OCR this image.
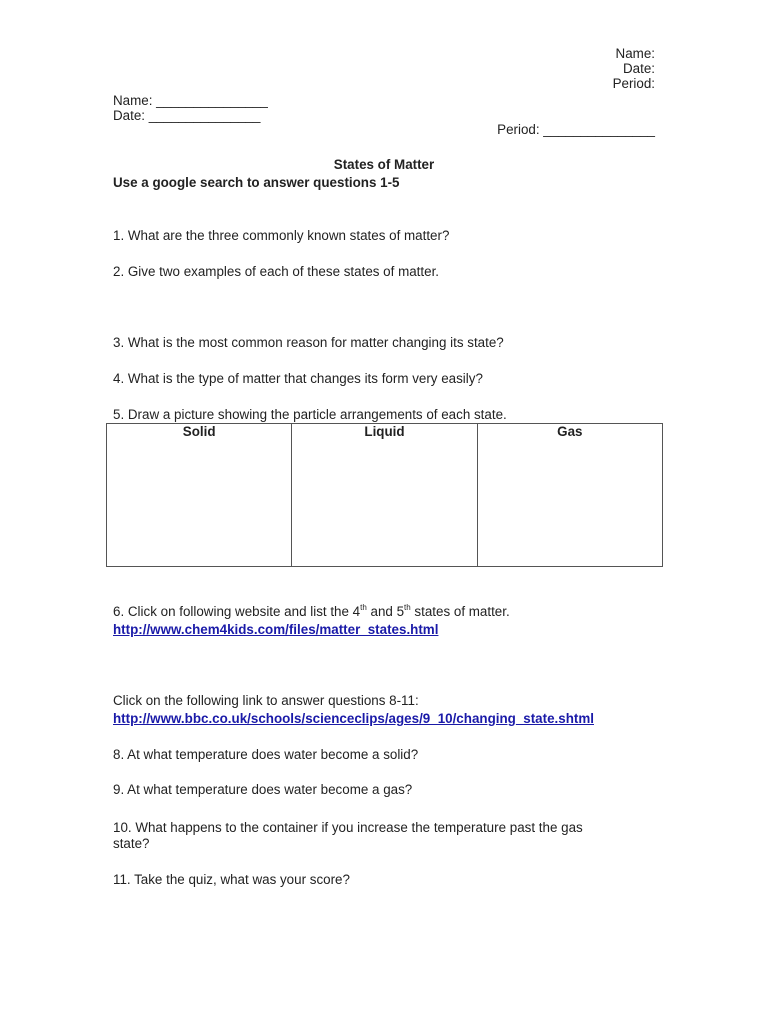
Name:
Date:
Period:
Name: _______________
Date: _______________
Period: _______________
States of Matter
Use a google search to answer questions 1-5
1. What are the three commonly known states of matter?
2. Give two examples of each of these states of matter.
3. What is the most common reason for matter changing its state?
4. What is the type of matter that changes its form very easily?
5. Draw a picture showing the particle arrangements of each state.
Solid	Liquid	Gas

6. Click on following website and list the 4th and 5th states of matter.
http://www.chem4kids.com/files/matter_states.html
Click on the following link to answer questions 8-11:
http://www.bbc.co.uk/schools/scienceclips/ages/9_10/changing_state.shtml
8. At what temperature does water become a solid?
9. At what temperature does water become a gas?
10. What happens to the container if you increase the temperature past the gas
state?
11. Take the quiz, what was your score?
